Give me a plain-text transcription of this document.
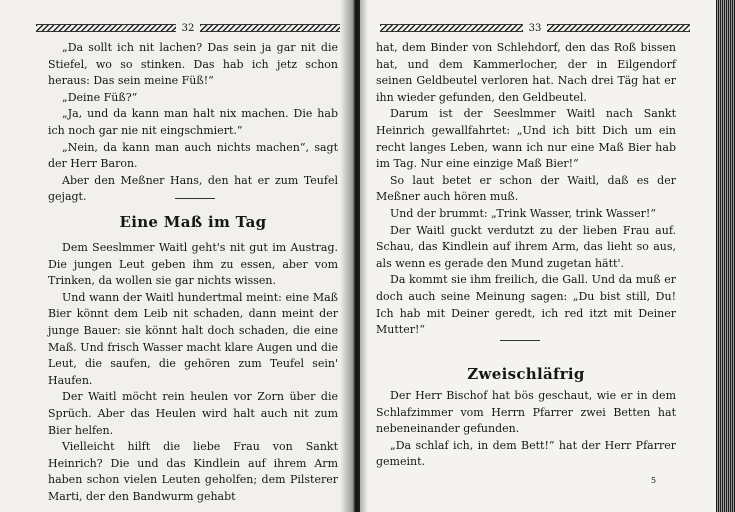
32

„Da sollt ich nit lachen? Das sein ja gar nit die Stiefel, wo so stinken. Das hab ich jetz schon heraus: Das sein meine Füß!“

„Deine Füß?“

„Ja, und da kann man halt nix machen. Die hab ich noch gar nie nit eingschmiert.“

„Nein, da kann man auch nichts machen“, sagt der Herr Baron.

Aber den Meßner Hans, den hat er zum Teufel gejagt.

Eine Maß im Tag

Dem Seeslmmer Waitl geht's nit gut im Austrag. Die jungen Leut geben ihm zu essen, aber vom Trinken, da wollen sie gar nichts wissen.

Und wann der Waitl hundertmal meint: eine Maß Bier könnt dem Leib nit schaden, dann meint der junge Bauer: sie könnt halt doch schaden, die eine Maß. Und frisch Wasser macht klare Augen und die Leut, die saufen, die gehören zum Teufel sein' Haufen.

Der Waitl möcht rein heulen vor Zorn über die Sprüch. Aber das Heulen wird halt auch nit zum Bier helfen.

Vielleicht hilft die liebe Frau von Sankt Heinrich? Die und das Kindlein auf ihrem Arm haben schon vielen Leuten geholfen; dem Pilsterer Marti, der den Bandwurm gehabt

33

hat, dem Binder von Schlehdorf, den das Roß bissen hat, und dem Kammerlocher, der in Eilgendorf seinen Geldbeutel verloren hat. Nach drei Täg hat er ihn wieder gefunden, den Geldbeutel.

Darum ist der Seeslmmer Waitl nach Sankt Heinrich gewallfahrtet: „Und ich bitt Dich um ein recht langes Leben, wann ich nur eine Maß Bier hab im Tag. Nur eine einzige Maß Bier!“

So laut betet er schon der Waitl, daß es der Meßner auch hören muß.

Und der brummt: „Trink Wasser, trink Wasser!“

Der Waitl guckt verdutzt zu der lieben Frau auf. Schau, das Kindlein auf ihrem Arm, das lieht so aus, als wenn es gerade den Mund zugetan hätt'.

Da kommt sie ihm freilich, die Gall. Und da muß er doch auch seine Meinung sagen: „Du bist still, Du! Ich hab mit Deiner geredt, ich red itzt mit Deiner Mutter!“

Zweischläfrig

Der Herr Bischof hat bös geschaut, wie er in dem Schlafzimmer vom Herrn Pfarrer zwei Betten hat nebeneinander gefunden.

„Da schlaf ich, in dem Bett!“ hat der Herr Pfarrer gemeint.

5
